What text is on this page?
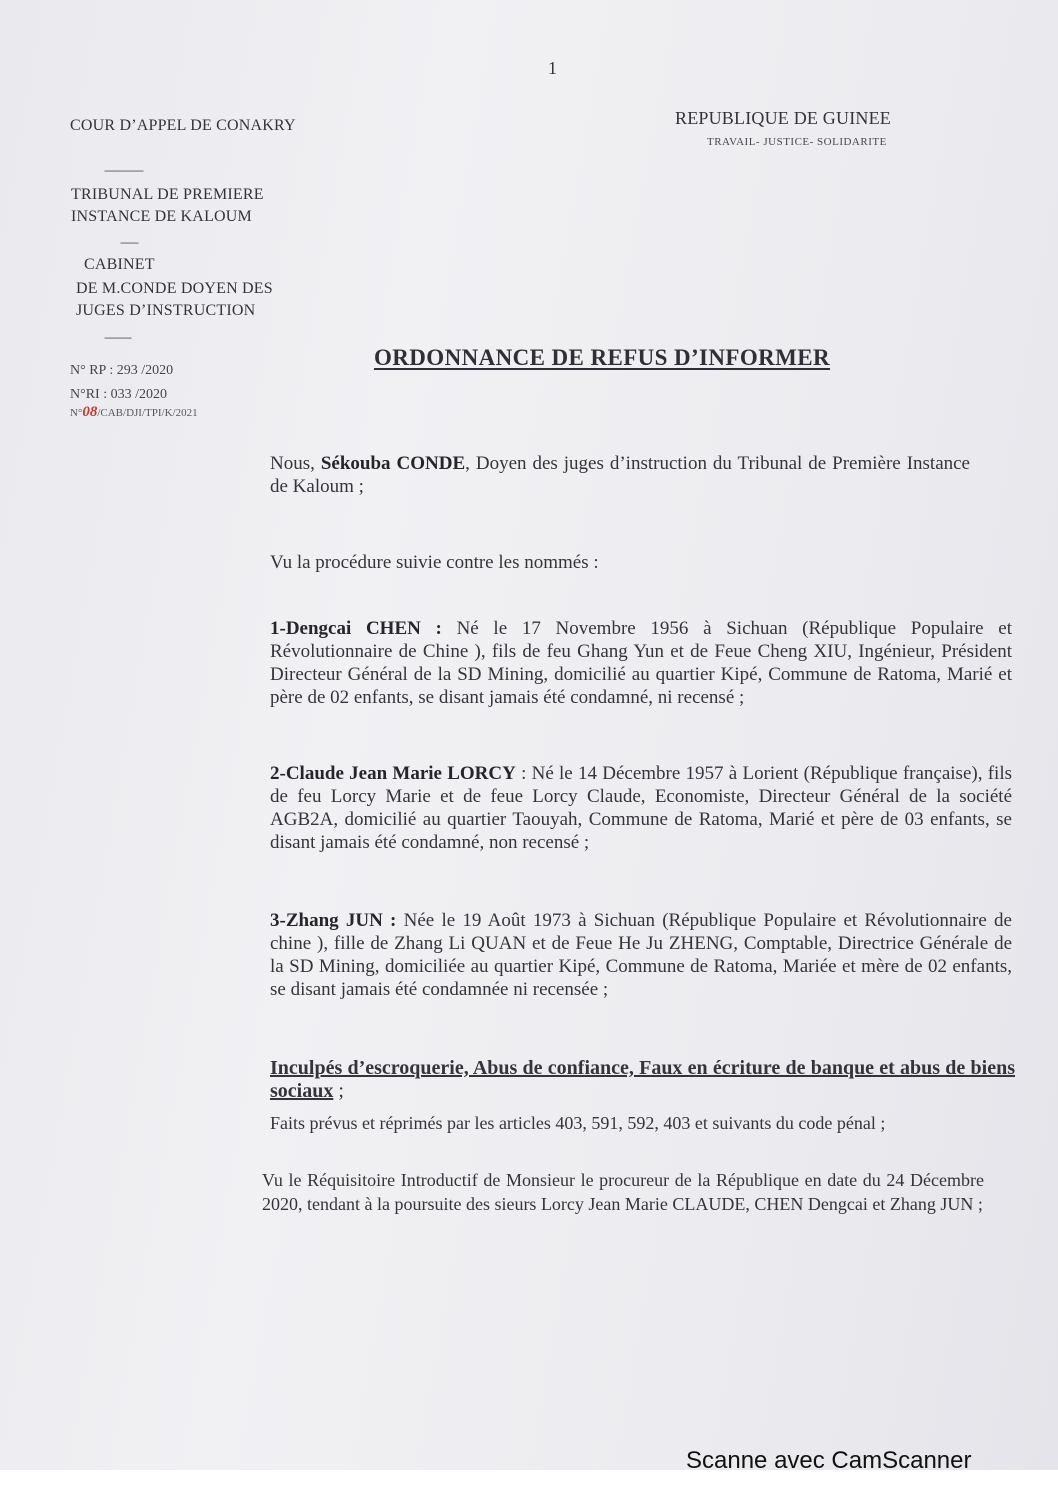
1
COUR D’APPEL DE CONAKRY
-------------
TRIBUNAL DE PREMIERE
INSTANCE DE KALOUM
------
CABINET
DE M.CONDE DOYEN DES
JUGES D’INSTRUCTION
---------
REPUBLIQUE DE GUINEE
TRAVAIL- JUSTICE- SOLIDARITE
N° RP : 293 /2020
N°RI : 033 /2020
N°08/CAB/DJI/TPI/K/2021
ORDONNANCE DE REFUS D’INFORMER
Nous, Sékouba CONDE, Doyen des juges d’instruction du Tribunal de Première Instance de Kaloum ;
Vu la procédure suivie contre les nommés :
1-Dengcai CHEN : Né le 17 Novembre 1956 à Sichuan (République Populaire et Révolutionnaire de Chine ), fils de feu Ghang Yun et de Feue Cheng XIU, Ingénieur, Président Directeur Général de la SD Mining, domicilié au quartier Kipé, Commune de Ratoma, Marié et père de 02 enfants, se disant jamais été condamné, ni recensé ;
2-Claude Jean Marie LORCY : Né le 14 Décembre 1957 à Lorient (République française), fils de feu Lorcy Marie et de feue Lorcy Claude, Economiste, Directeur Général de la société AGB2A, domicilié au quartier Taouyah, Commune de Ratoma, Marié et père de 03 enfants, se disant jamais été condamné, non recensé ;
3-Zhang JUN : Née le 19 Août 1973 à Sichuan (République Populaire et Révolutionnaire de chine ), fille de Zhang Li QUAN et de Feue He Ju ZHENG, Comptable, Directrice Générale de la SD Mining, domiciliée au quartier Kipé, Commune de Ratoma, Mariée et mère de 02 enfants, se disant jamais été condamnée ni recensée ;
Inculpés d’escroquerie, Abus de confiance, Faux en écriture de banque et abus de biens sociaux ;
Faits prévus et réprimés par les articles 403, 591, 592, 403 et suivants du code pénal ;
Vu le Réquisitoire Introductif de Monsieur le procureur de la République en date du 24 Décembre 2020, tendant à la poursuite des sieurs Lorcy Jean Marie CLAUDE, CHEN Dengcai et Zhang JUN ;
Scanne avec CamScanner
